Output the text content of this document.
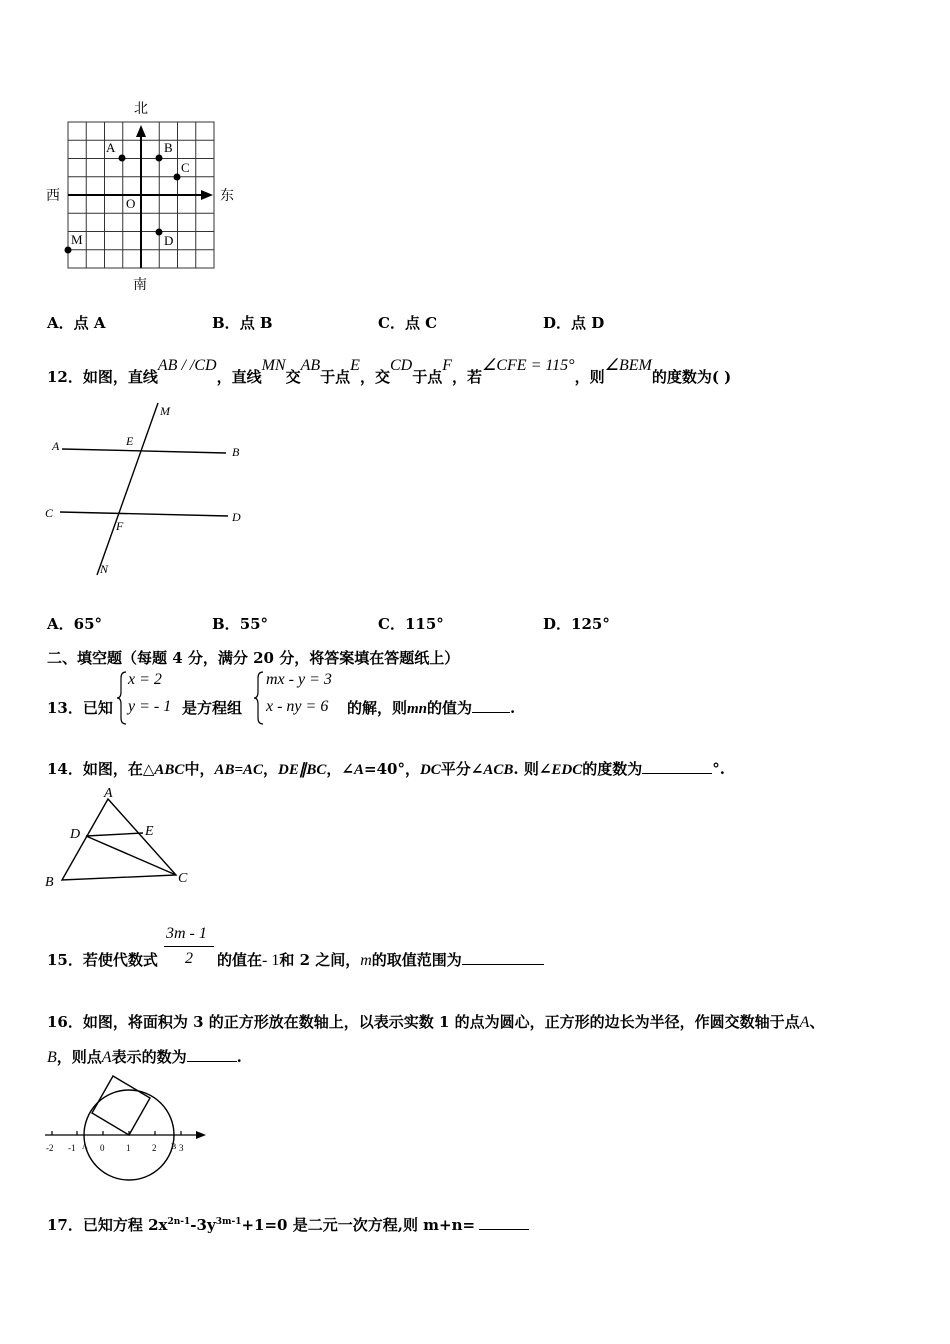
北
南
西	东
O
A	B
C
D
M
A．点 A	B．点 B	C．点 C	D．点 D
12．如图，直线AB / /CD，直线MN交AB于点E，交CD于点F，若∠CFE = 115°，则∠BEM的度数为( )
M
A	E
B
C
F
D
N
A．65°	B．55°	C．115°	D．125°
二、填空题（每题 4 分，满分 20 分，将答案填在答题纸上）
13．已知
x = 2
y = - 1 是方程组
mx - y = 3
x - ny = 6 的解，则mn的值为	.
14．如图，在△ABC中，AB=AC，DE∥BC，∠A=40°，DC平分∠ACB. 则∠EDC的度数为	°.
A
D	E
B	C
15．若使代数式
3m - 1
2 的值在- 1和 2 之间，m的取值范围为
16．如图，将面积为 3 的正方形放在数轴上，以表示实数 1 的点为圆心，正方形的边长为半径，作圆交数轴于点A、
B，则点A表示的数为	.
-2 -1 A 0 1 2 B 3
17．已知方程 $2x^{2n-1}-3y^{3m-1}+1=0$ 是二元一次方程,则 m+n=
